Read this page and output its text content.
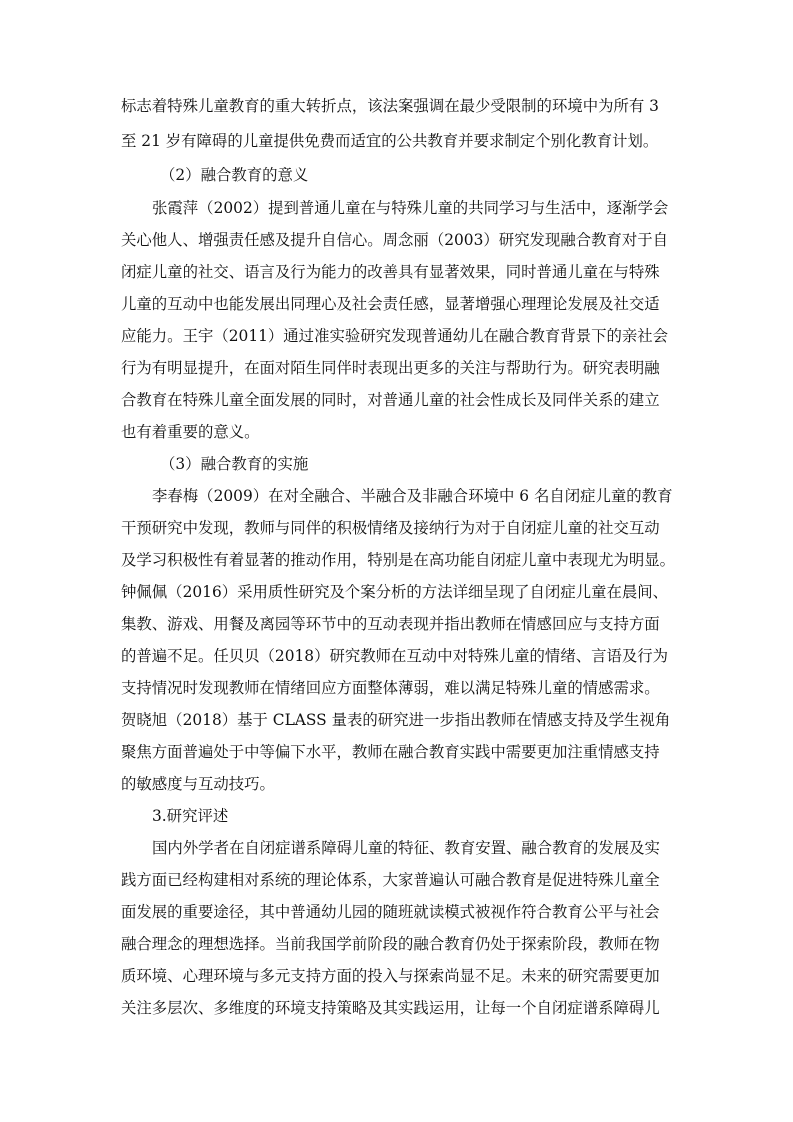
标志着特殊儿童教育的重大转折点，该法案强调在最少受限制的环境中为所有 3
至 21 岁有障碍的儿童提供免费而适宜的公共教育并要求制定个别化教育计划。
（2）融合教育的意义
张霞萍（2002）提到普通儿童在与特殊儿童的共同学习与生活中，逐渐学会
关心他人、增强责任感及提升自信心。周念丽（2003）研究发现融合教育对于自
闭症儿童的社交、语言及行为能力的改善具有显著效果，同时普通儿童在与特殊
儿童的互动中也能发展出同理心及社会责任感，显著增强心理理论发展及社交适
应能力。王宇（2011）通过准实验研究发现普通幼儿在融合教育背景下的亲社会
行为有明显提升，在面对陌生同伴时表现出更多的关注与帮助行为。研究表明融
合教育在特殊儿童全面发展的同时，对普通儿童的社会性成长及同伴关系的建立
也有着重要的意义。
（3）融合教育的实施
李春梅（2009）在对全融合、半融合及非融合环境中 6 名自闭症儿童的教育
干预研究中发现，教师与同伴的积极情绪及接纳行为对于自闭症儿童的社交互动
及学习积极性有着显著的推动作用，特别是在高功能自闭症儿童中表现尤为明显。
钟佩佩（2016）采用质性研究及个案分析的方法详细呈现了自闭症儿童在晨间、
集教、游戏、用餐及离园等环节中的互动表现并指出教师在情感回应与支持方面
的普遍不足。任贝贝（2018）研究教师在互动中对特殊儿童的情绪、言语及行为
支持情况时发现教师在情绪回应方面整体薄弱，难以满足特殊儿童的情感需求。
贺晓旭（2018）基于 CLASS 量表的研究进一步指出教师在情感支持及学生视角
聚焦方面普遍处于中等偏下水平，教师在融合教育实践中需要更加注重情感支持
的敏感度与互动技巧。
3.研究评述
国内外学者在自闭症谱系障碍儿童的特征、教育安置、融合教育的发展及实
践方面已经构建相对系统的理论体系，大家普遍认可融合教育是促进特殊儿童全
面发展的重要途径，其中普通幼儿园的随班就读模式被视作符合教育公平与社会
融合理念的理想选择。当前我国学前阶段的融合教育仍处于探索阶段，教师在物
质环境、心理环境与多元支持方面的投入与探索尚显不足。未来的研究需要更加
关注多层次、多维度的环境支持策略及其实践运用，让每一个自闭症谱系障碍儿
